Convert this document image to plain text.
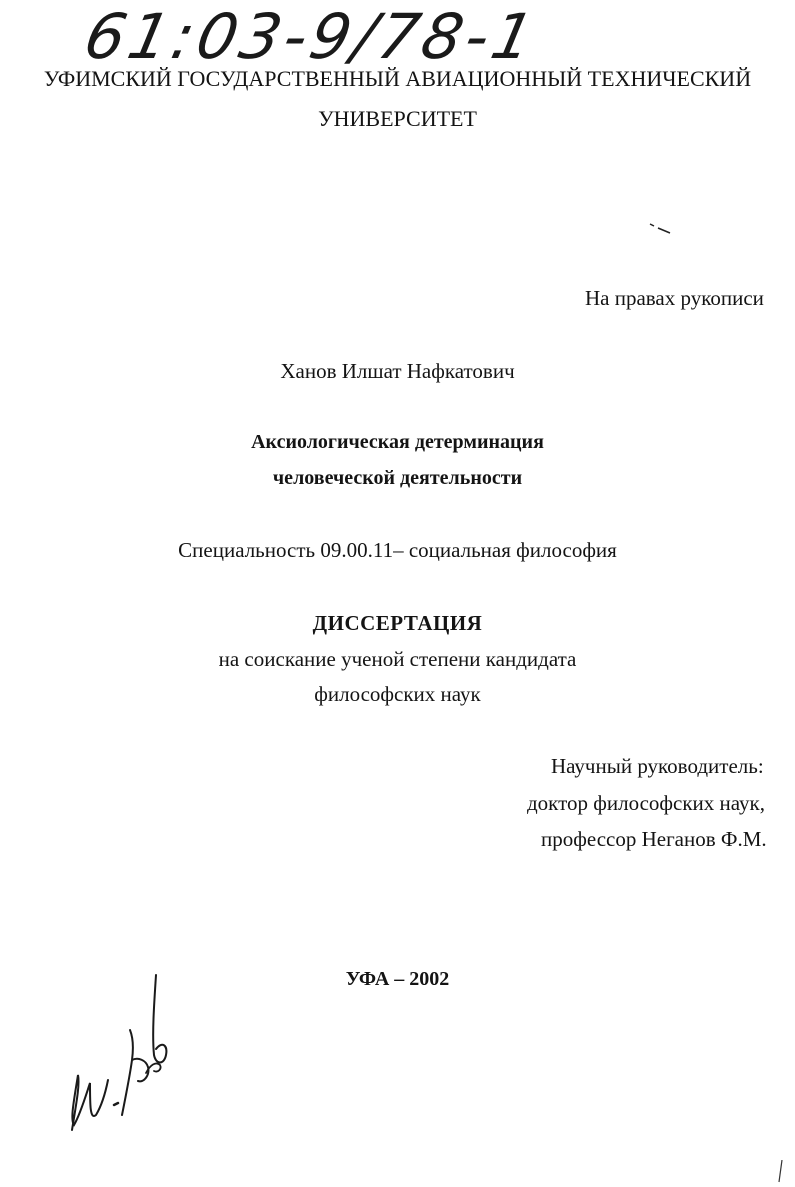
61:03-9/78-1
УФИМСКИЙ ГОСУДАРСТВЕННЫЙ АВИАЦИОННЫЙ ТЕХНИЧЕСКИЙ
УНИВЕРСИТЕТ
На правах рукописи
Ханов Илшат Нафкатович
Аксиологическая детерминация
человеческой деятельности
Специальность 09.00.11– социальная философия
ДИССЕРТАЦИЯ
на соискание ученой степени кандидата
философских наук
Научный руководитель:
доктор философских наук,
профессор Неганов Ф.М.
УФА – 2002
